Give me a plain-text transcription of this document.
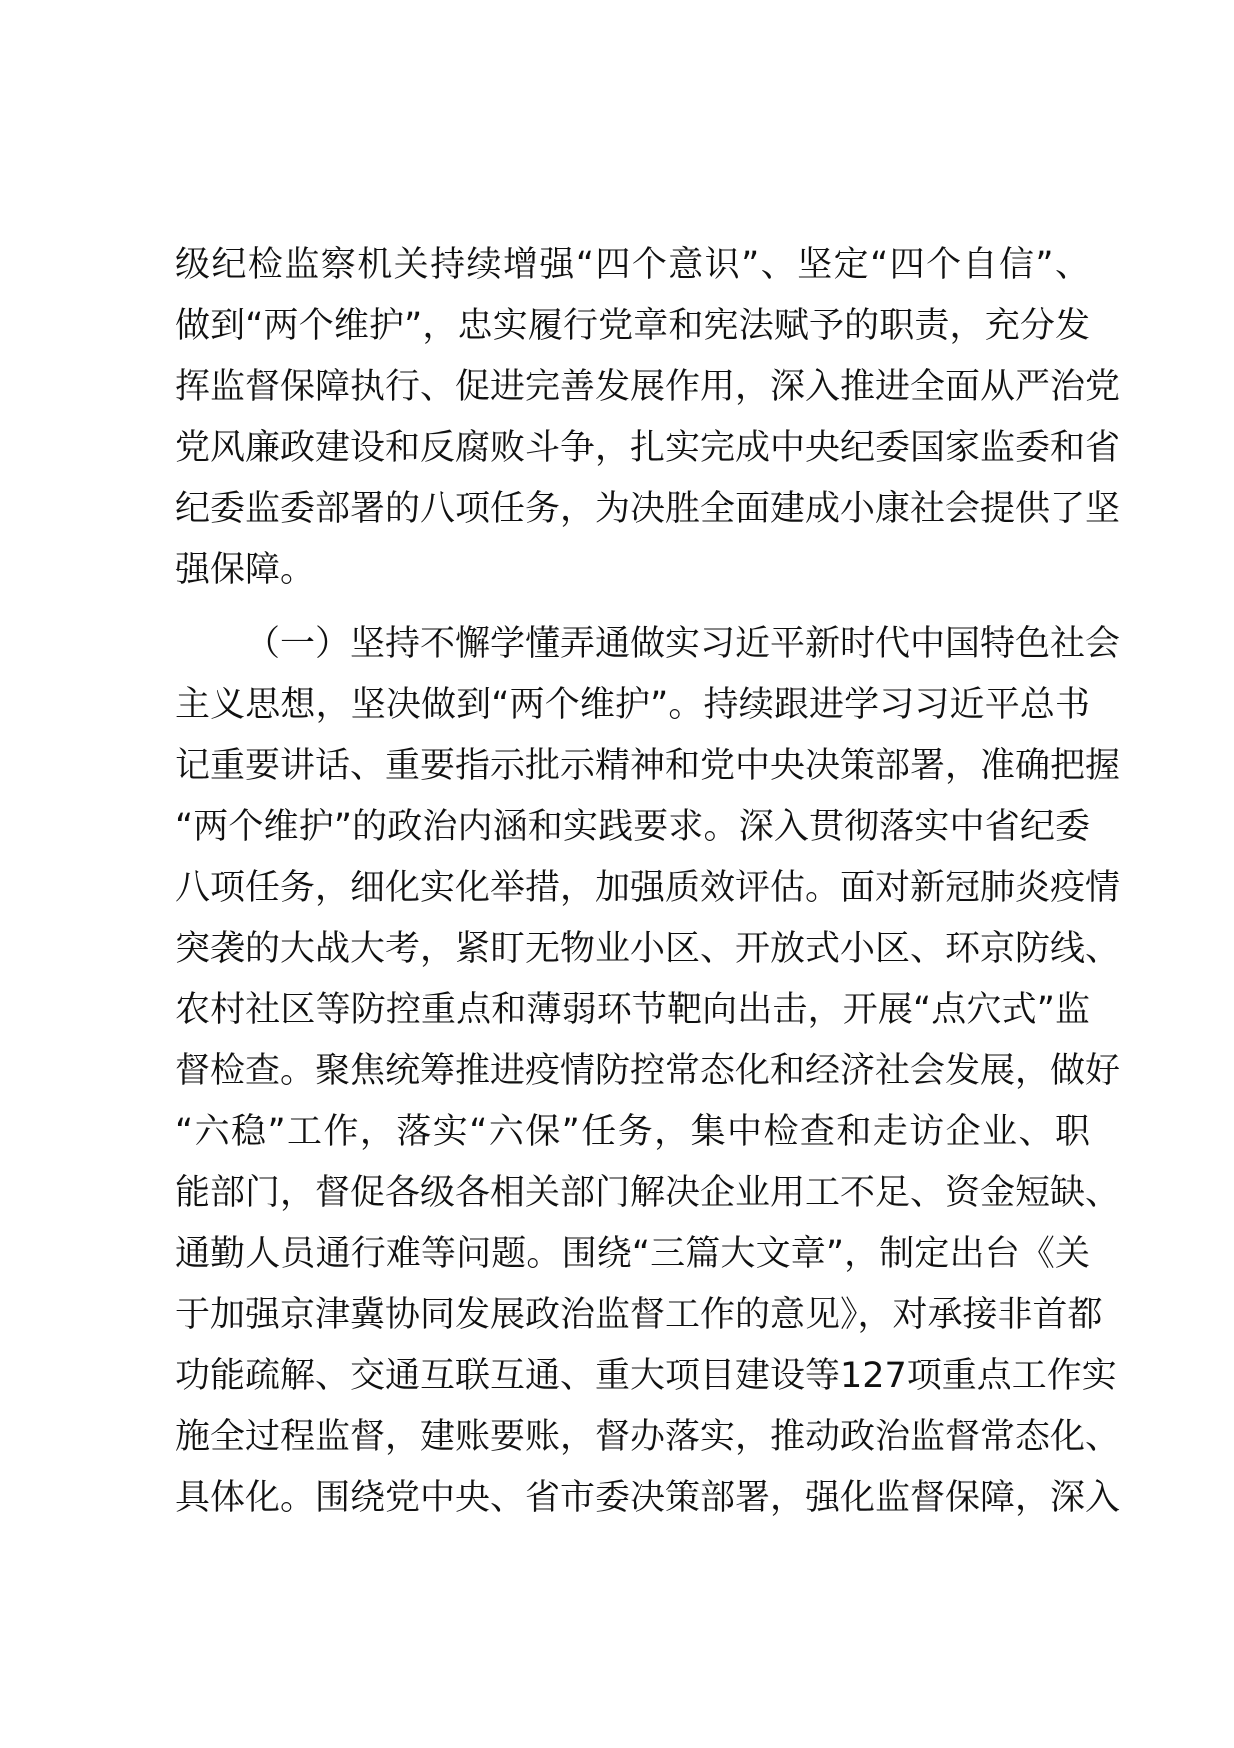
级纪检监察机关持续增强“四个意识”、坚定“四个自信”、
做到“两个维护”，忠实履行党章和宪法赋予的职责，充分发
挥监督保障执行、促进完善发展作用，深入推进全面从严治党
党风廉政建设和反腐败斗争，扎实完成中央纪委国家监委和省
纪委监委部署的八项任务，为决胜全面建成小康社会提供了坚
强保障。
（一）坚持不懈学懂弄通做实习近平新时代中国特色社会
主义思想，坚决做到“两个维护”。持续跟进学习习近平总书
记重要讲话、重要指示批示精神和党中央决策部署，准确把握
“两个维护”的政治内涵和实践要求。深入贯彻落实中省纪委
八项任务，细化实化举措，加强质效评估。面对新冠肺炎疫情
突袭的大战大考，紧盯无物业小区、开放式小区、环京防线、
农村社区等防控重点和薄弱环节靶向出击，开展“点穴式”监
督检查。聚焦统筹推进疫情防控常态化和经济社会发展，做好
“六稳”工作，落实“六保”任务，集中检查和走访企业、职
能部门，督促各级各相关部门解决企业用工不足、资金短缺、
通勤人员通行难等问题。围绕“三篇大文章”，制定出台《关
于加强京津冀协同发展政治监督工作的意见》，对承接非首都
功能疏解、交通互联互通、重大项目建设等127项重点工作实
施全过程监督，建账要账，督办落实，推动政治监督常态化、
具体化。围绕党中央、省市委决策部署，强化监督保障，深入
